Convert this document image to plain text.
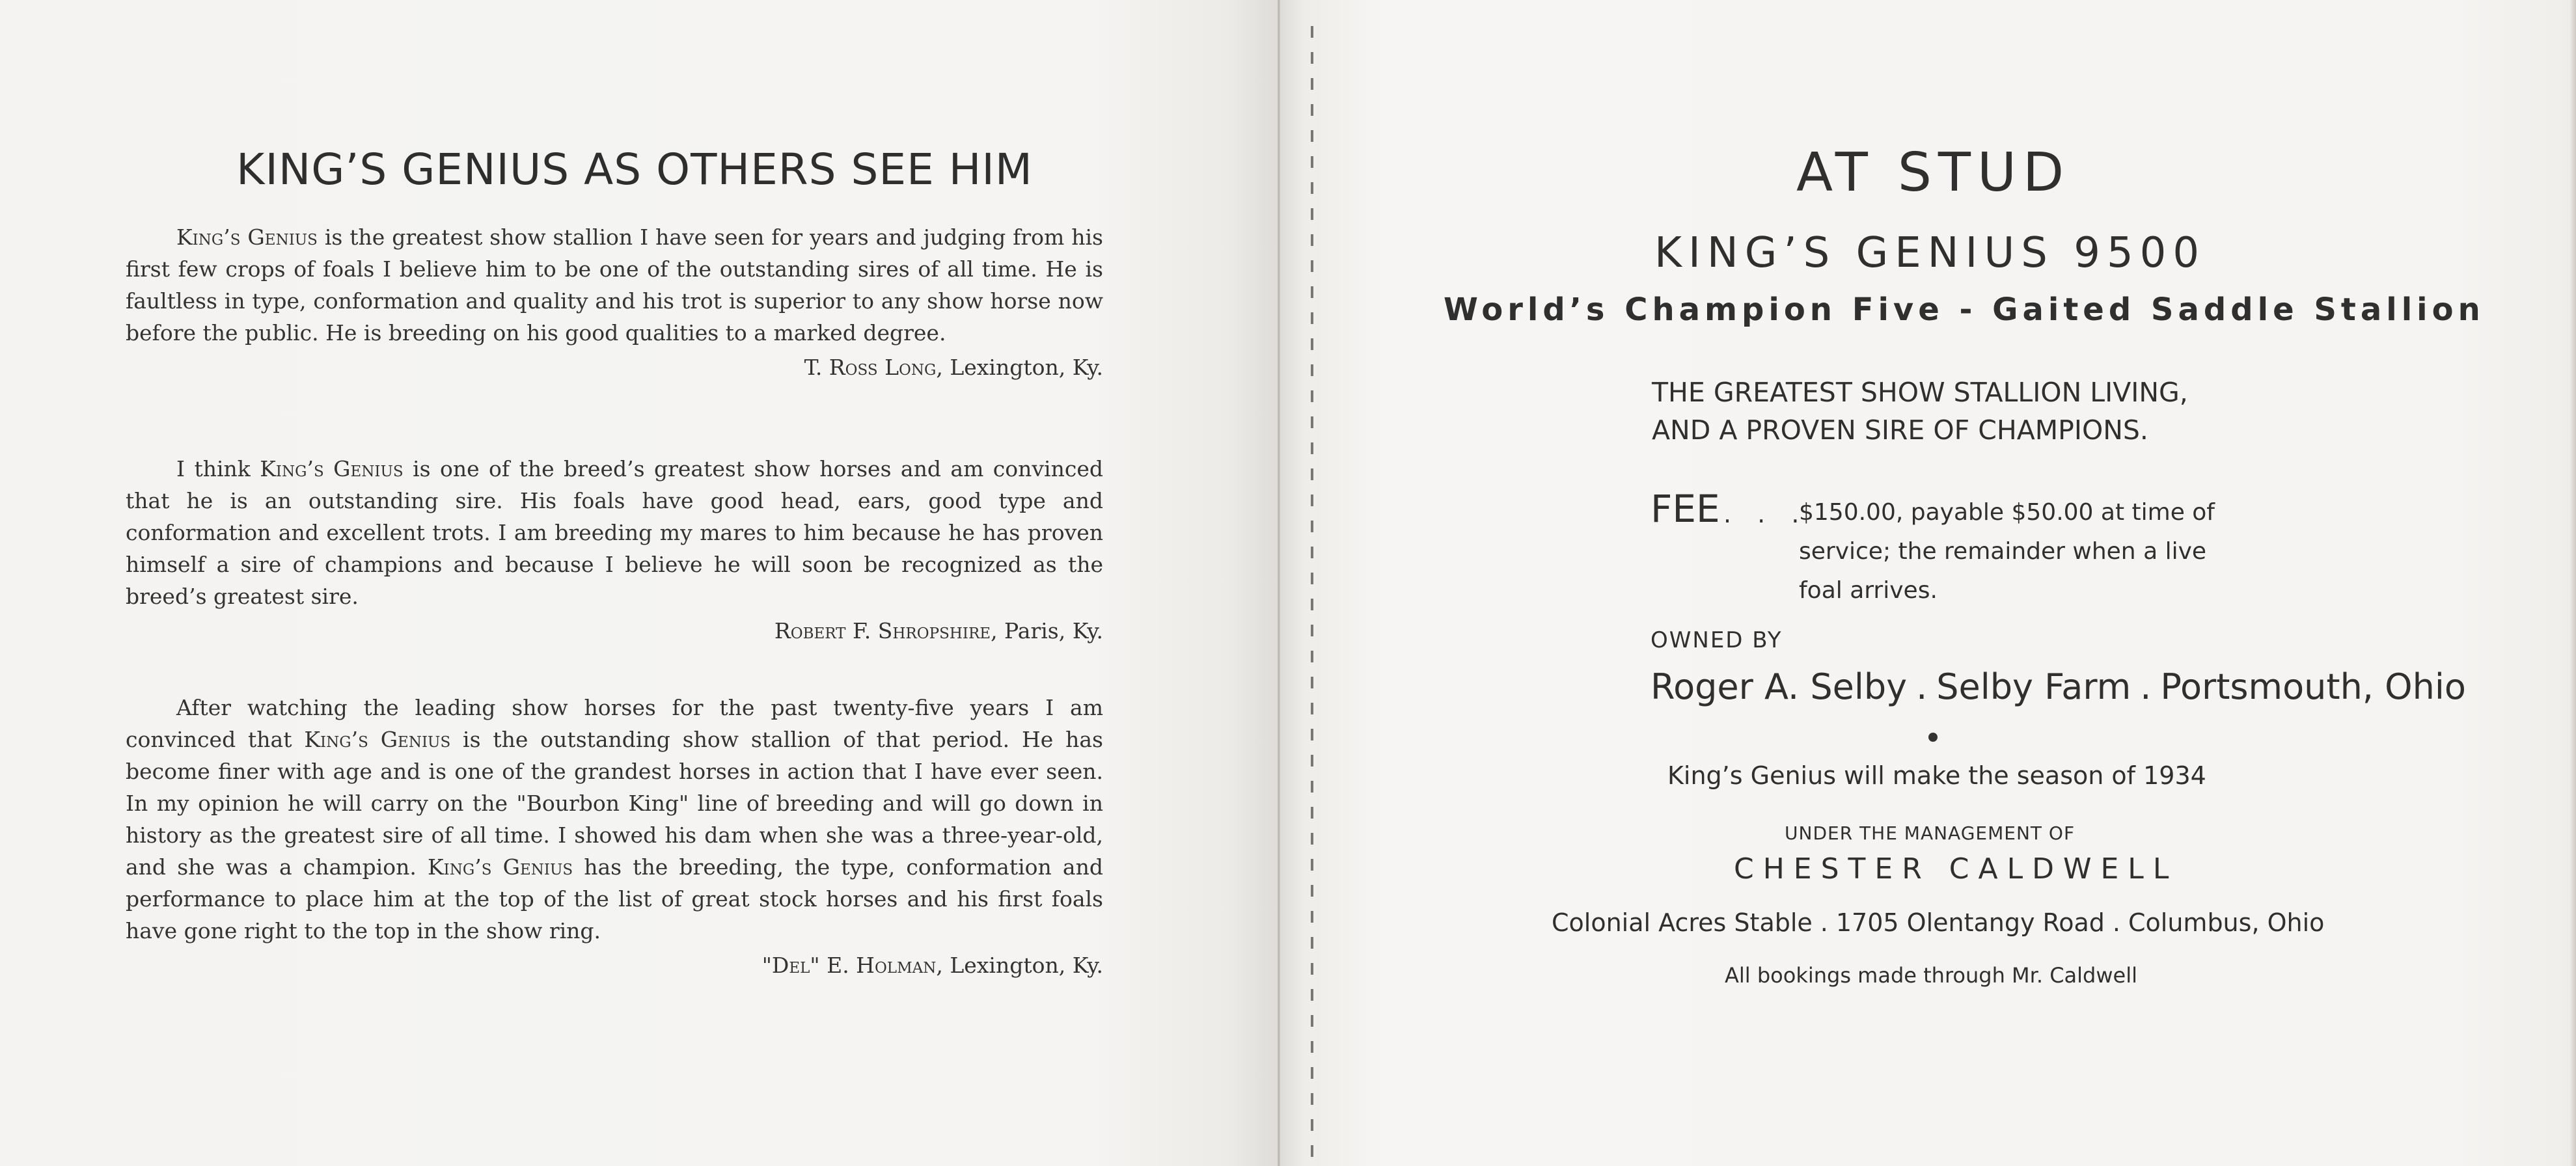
KING’S GENIUS AS OTHERS SEE HIM

King’s Genius is the greatest show stallion I have seen for years and judging from his first few crops of foals I believe him to be one of the outstanding sires of all time. He is faultless in type, conformation and quality and his trot is superior to any show horse now before the public. He is breeding on his good qualities to a marked degree.

T. Ross Long, Lexington, Ky.

I think King’s Genius is one of the breed’s greatest show horses and am convinced that he is an outstanding sire. His foals have good head, ears, good type and conformation and excellent trots. I am breeding my mares to him because he has proven himself a sire of champions and because I believe he will soon be recognized as the breed’s greatest sire.

Robert F. Shropshire, Paris, Ky.

After watching the leading show horses for the past twenty-five years I am convinced that King’s Genius is the outstanding show stallion of that period. He has become finer with age and is one of the grandest horses in action that I have ever seen. In my opinion he will carry on the "Bourbon King" line of breeding and will go down in history as the greatest sire of all time. I showed his dam when she was a three-year-old, and she was a champion. King’s Genius has the breeding, the type, conformation and performance to place him at the top of the list of great stock horses and his first foals have gone right to the top in the show ring.

"Del" E. Holman, Lexington, Ky.
AT STUD
KING’S GENIUS 9500
World’s Champion Five - Gaited Saddle Stallion
THE GREATEST SHOW STALLION LIVING,
AND A PROVEN SIRE OF CHAMPIONS.
FEE . . .
$150.00, payable $50.00 at time of service; the remainder when a live foal arrives.
OWNED BY
Roger A. Selby . Selby Farm . Portsmouth, Ohio
King’s Genius will make the season of 1934
UNDER THE MANAGEMENT OF
CHESTER CALDWELL
Colonial Acres Stable . 1705 Olentangy Road . Columbus, Ohio
All bookings made through Mr. Caldwell
